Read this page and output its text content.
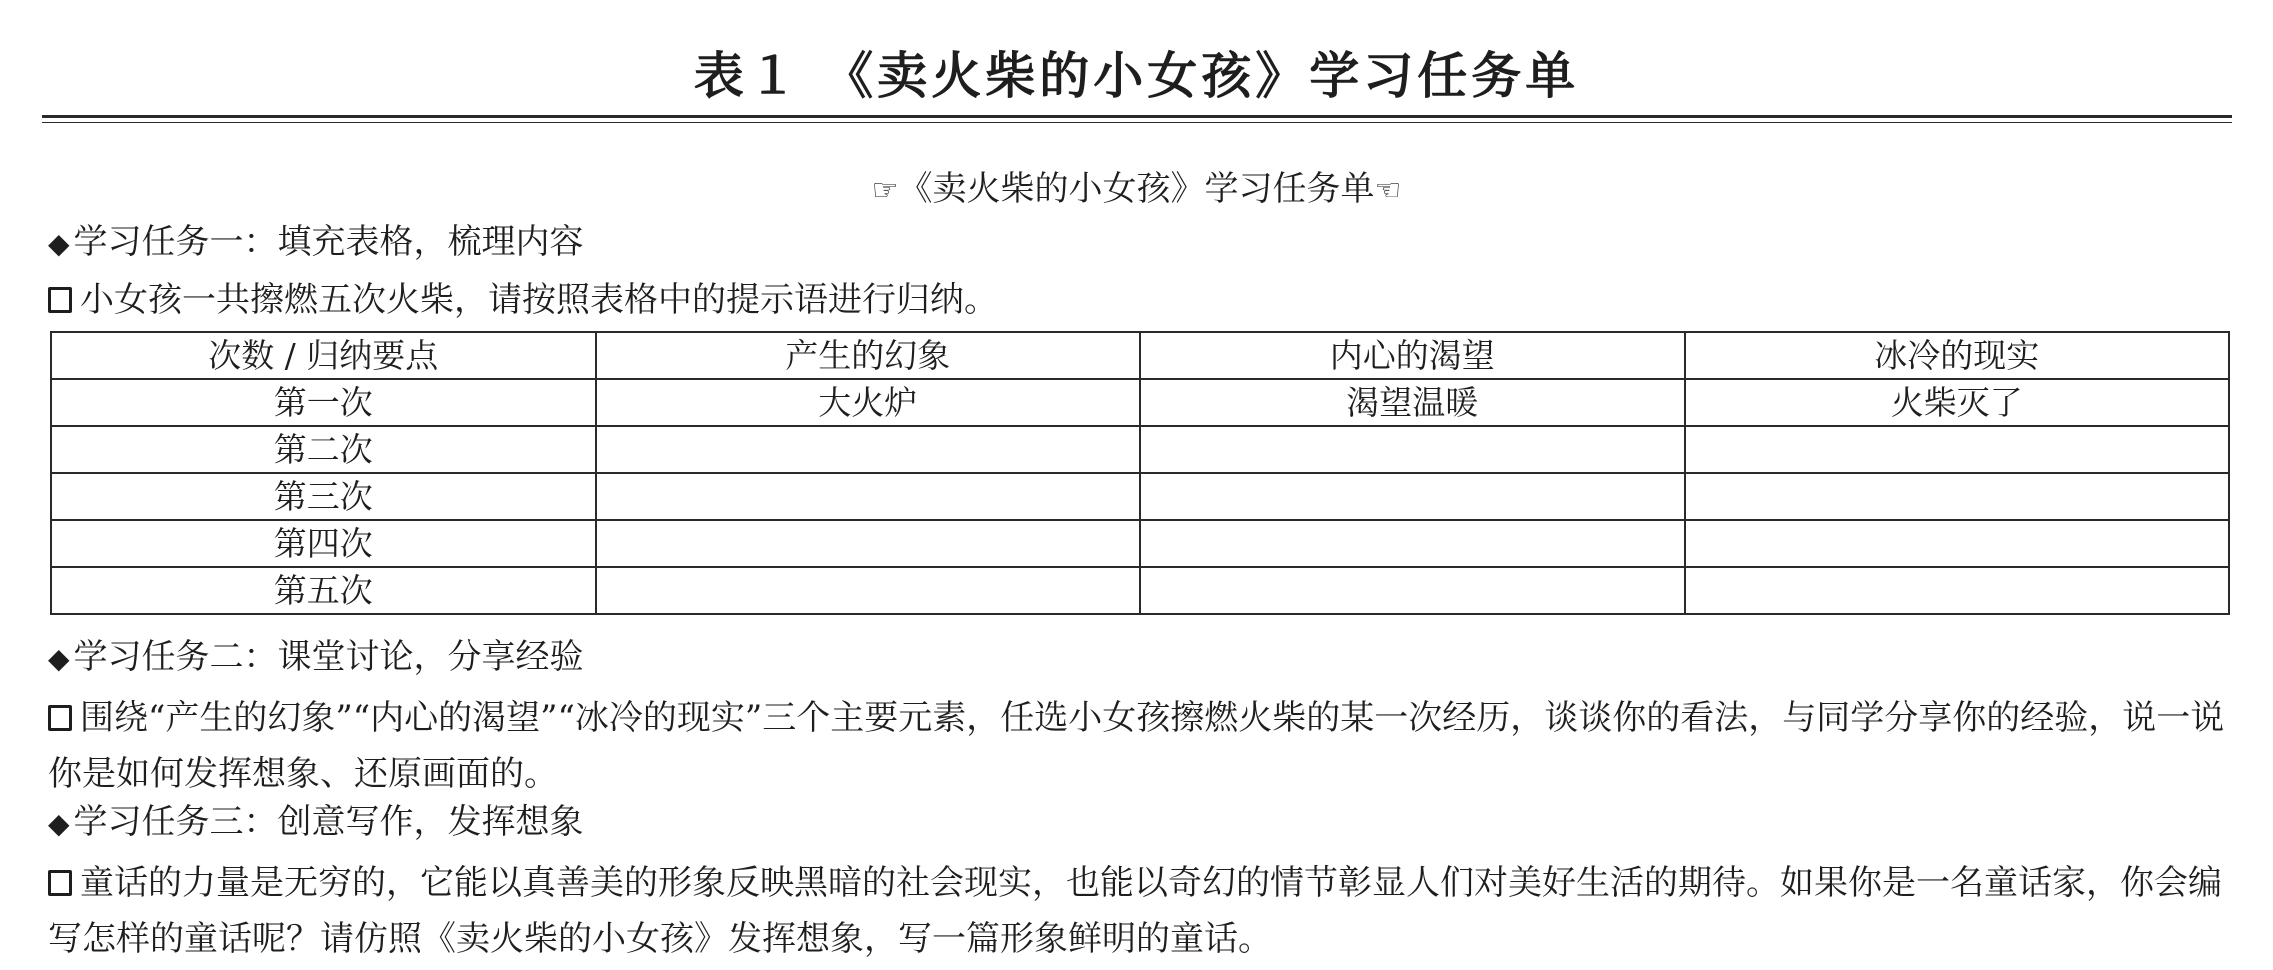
表１ 《卖火柴的小女孩》学习任务单
☞《卖火柴的小女孩》学习任务单☜
◆ 学习任务一：填充表格，梳理内容
小女孩一共擦燃五次火柴，请按照表格中的提示语进行归纳。
次数 / 归纳要点	产生的幻象	内心的渴望	冰冷的现实
第一次	大火炉	渴望温暖	火柴灭了
第二次			
第三次			
第四次			
第五次			
◆ 学习任务二：课堂讨论，分享经验
围绕“产生的幻象”“内心的渴望”“冰冷的现实”三个主要元素，任选小女孩擦燃火柴的某一次经历，谈谈你的看法，与同学分享你的经验，说一说你是如何发挥想象、还原画面的。
◆ 学习任务三：创意写作，发挥想象
童话的力量是无穷的，它能以真善美的形象反映黑暗的社会现实，也能以奇幻的情节彰显人们对美好生活的期待。如果你是一名童话家，你会编写怎样的童话呢？请仿照《卖火柴的小女孩》发挥想象，写一篇形象鲜明的童话。
